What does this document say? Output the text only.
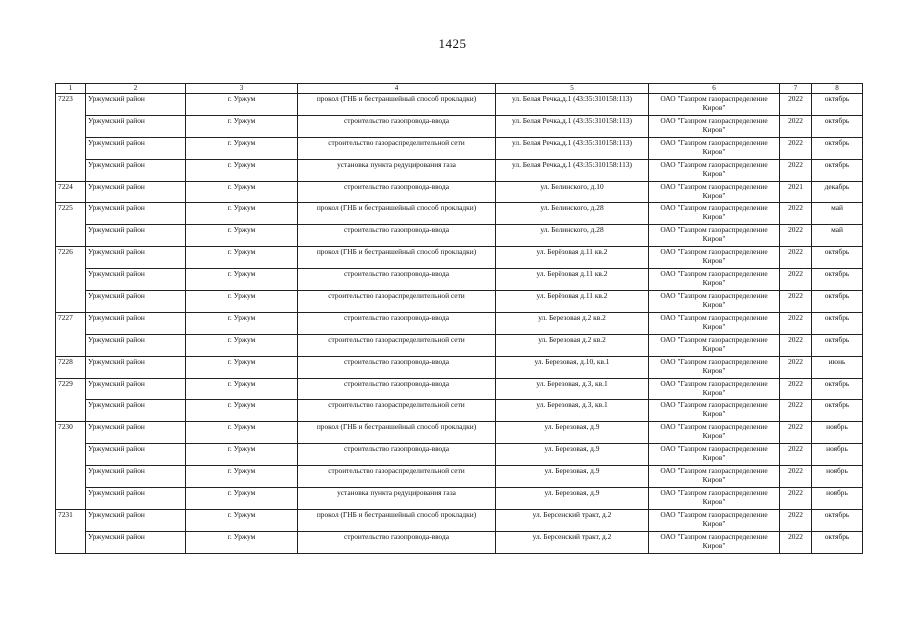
1425
1	2	3	4	5	6	7	8
7223	Уржумский район	г. Уржум	прокол (ГНБ и бестраншейный способ прокладки)	ул. Белая Речка,д.1 (43:35:310158:113)	ОАО "Газпром газораспределение Киров"	2022	октябрь
	Уржумский район	г. Уржум	строительство газопровода-ввода	ул. Белая Речка,д.1 (43:35:310158:113)	ОАО "Газпром газораспределение Киров"	2022	октябрь
	Уржумский район	г. Уржум	строительство газораспределительной сети	ул. Белая Речка,д.1 (43:35:310158:113)	ОАО "Газпром газораспределение Киров"	2022	октябрь
	Уржумский район	г. Уржум	установка пункта редуцирования газа	ул. Белая Речка,д.1 (43:35:310158:113)	ОАО "Газпром газораспределение Киров"	2022	октябрь
7224	Уржумский район	г. Уржум	строительство газопровода-ввода	ул. Белинского, д.10	ОАО "Газпром газораспределение Киров"	2021	декабрь
7225	Уржумский район	г. Уржум	прокол (ГНБ и бестраншейный способ прокладки)	ул. Белинского, д.28	ОАО "Газпром газораспределение Киров"	2022	май
	Уржумский район	г. Уржум	строительство газопровода-ввода	ул. Белинского, д.28	ОАО "Газпром газораспределение Киров"	2022	май
7226	Уржумский район	г. Уржум	прокол (ГНБ и бестраншейный способ прокладки)	ул. Берёзовая д.11 кв.2	ОАО "Газпром газораспределение Киров"	2022	октябрь
	Уржумский район	г. Уржум	строительство газопровода-ввода	ул. Берёзовая д.11 кв.2	ОАО "Газпром газораспределение Киров"	2022	октябрь
	Уржумский район	г. Уржум	строительство газораспределительной сети	ул. Берёзовая д.11 кв.2	ОАО "Газпром газораспределение Киров"	2022	октябрь
7227	Уржумский район	г. Уржум	строительство газопровода-ввода	ул. Березовая д.2 кв.2	ОАО "Газпром газораспределение Киров"	2022	октябрь
	Уржумский район	г. Уржум	строительство газораспределительной сети	ул. Березовая д.2 кв.2	ОАО "Газпром газораспределение Киров"	2022	октябрь
7228	Уржумский район	г. Уржум	строительство газопровода-ввода	ул. Березовая, д.10, кв.1	ОАО "Газпром газораспределение Киров"	2022	июнь
7229	Уржумский район	г. Уржум	строительство газопровода-ввода	ул. Березовая, д.3, кв.1	ОАО "Газпром газораспределение Киров"	2022	октябрь
	Уржумский район	г. Уржум	строительство газораспределительной сети	ул. Березовая, д.3, кв.1	ОАО "Газпром газораспределение Киров"	2022	октябрь
7230	Уржумский район	г. Уржум	прокол (ГНБ и бестраншейный способ прокладки)	ул. Березовая, д.9	ОАО "Газпром газораспределение Киров"	2022	ноябрь
	Уржумский район	г. Уржум	строительство газопровода-ввода	ул. Березовая, д.9	ОАО "Газпром газораспределение Киров"	2022	ноябрь
	Уржумский район	г. Уржум	строительство газораспределительной сети	ул. Березовая, д.9	ОАО "Газпром газораспределение Киров"	2022	ноябрь
	Уржумский район	г. Уржум	установка пункта редуцирования газа	ул. Березовая, д.9	ОАО "Газпром газораспределение Киров"	2022	ноябрь
7231	Уржумский район	г. Уржум	прокол (ГНБ и бестраншейный способ прокладки)	ул. Берсенский тракт, д.2	ОАО "Газпром газораспределение Киров"	2022	октябрь
	Уржумский район	г. Уржум	строительство газопровода-ввода	ул. Берсенский тракт, д.2	ОАО "Газпром газораспределение Киров"	2022	октябрь
